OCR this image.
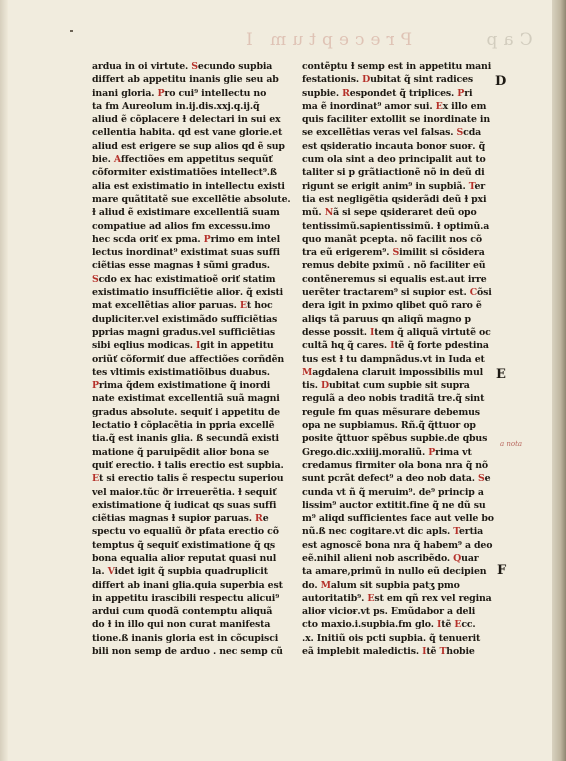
Cap      Preceptum I
ardua in oi virtute. Secundo supbia
differt ab appetitu inanis glie seu ab
inani gloria. Pro cui⁹ intellectu no
ta fm Aureolum in.ij.dis.xxj.q.ij.q̃
aliud ẽ cõplacere ɫ delectari in sui ex
cellentia habita. qd est vane glorie.et
aliud est erigere se sup alios qd ẽ sup
bie. Affectiões em appetitus sequũť
cõformiter existimatiões intellect⁹.ß
alia est existimatio in intellectu existi
mare quãtitatẽ sue excellẽtie absolute.
ɫ aliud ẽ existimare excellentiã suam
compatiue ad alios fm excessu.imo
hec scda oriť ex pma. Primo em intel
lectus inordinat⁹ existimat suas suffi
ciẽtias esse magnas ɫ sũmi gradus.
Scdo ex hac existimatioẽ oriť statim
existimatio insufficiẽtie alioɍ. q̃ existi
mat excellẽtias alioɍ paruas. Et hoc
dupliciter.vel existimãdo sufficiẽtias
pprias magni gradus.vel sufficiẽtias
sibi eqlius modicas. Igit in appetitu
oriũť cõformiť due affectiões corñdẽn
tes vltimis existimatiõibus duabus.
Prima q̃dem existimatione q̃ inordi
nate existimat excellentiã suã magni
gradus absolute. sequiť i appetitu de
lectatio ɫ cõplacẽtia in ppria excellẽ
tia.q̃ est inanis glia. ß secundã existi
matione q̃ paruipẽdit alioɍ bona se
quiť erectio. ɫ talis erectio est supbia.
Et si erectio talis ẽ respectu superiou
vel maioɍ.tũc ðr irreuerẽtia. ɫ sequiť
existimatione q̃ iudicat ɋs suas suffi
ciẽtias magnas ɫ supioɍ paruas. Re
spectu vo equaliũ ðr pfata erectio cõ
temptus q̃ sequiť existimatione q̃ ɋs
bona equalia alioɍ reputat quasi nul
la. Videt igit q̃ supbia quadruplicit
differt ab inani glia.quia superbia est
in appetitu irascibili respectu alicui⁹
ardui cum quodã contemptu aliquã
do ɫ in illo qui non curat manifesta
tione.ß inanis gloria est in cõcupisci
bili non semp de arduo . nec semp cũ
contẽptu ɫ semp est in appetitu mani
festationis. Dubitat q̃ sint radices
supbie. Respondet q̃ triplices. Pri
ma ẽ inordinat⁹ amor sui. Ex illo em
quis faciliter extollit se inordinate in
se excellẽtias veras vel falsas. Scda
est ɋsideratio incauta bonoɍ suoɍ. q̃
cum ola sint a deo principalit aut to
taliter si p grãtiactionẽ nõ in deũ di
rigunt se erigit anim⁹ in supbiã. Ter
tia est negligẽtia ɋsiderãdi deũ ɫ pxi
mũ. Nã si sepe ɋsideraret deũ opo
tentissimũ.sapientissimũ. ɫ optimũ.a
quo manãt pcepta. nõ facilit nos cõ
tra eũ erigerem⁹. Similit si cõsidera
remus debite pximũ . nõ faciliter eũ
contẽneremus si equalis est.aut irre
uerẽter tractarem⁹ si supior est. Cõsi
dera igit in pximo qlibet quõ raro ẽ
aliqs tã paruus qn aliqñ magno p
desse possit. Item q̃ aliquã virtutẽ oc
cultã hɋ q̃ cares. Itẽ q̃ forte pdestina
tus est ɫ tu dampnãdus.vt in Iuda et
Magdalena claruit impossibilis mul
tis. Dubitat cum supbie sit supra
regulã a deo nobis traditã tre.q̃ sint
regule fm quas mẽsurare debemus
opa ne supbiamus. Rñ.q̃ q̃ttuor op
posite q̃ttuor spẽbus supbie.de qbus
Grego.dic.xxiiij.moraliũ. Prima vt
credamus firmiter ola bona nra q̃ nõ
sunt pcrãt defect⁹ a deo nob data. Se
cunda vt ñ q̃ meruim⁹. de⁹ princip a
lissim⁹ auctor extitit.fine q̃ ne dũ su
m⁹ aliqd sufficientes face aut velle bo
nũ.ß nec cogitare.vt dic apls. Tertia
est agnoscẽ bona nra q̃ habem⁹ a deo
eẽ.nihil alieni nob ascribẽdo. Quar
ta amare,primũ in nullo eũ decipien
do. Malum sit supbia patʒ pmo
autoritatib⁹. Est em qñ rex vel regina
alioɍ vicioɍ.vt ps. Emũdabor a deli
cto maxio.i.supbia.fm glo. Itẽ Ecc.
.x. Initiũ ois pcti supbia. q̃ tenuerit
eã implebit maledictis. Itẽ Thobie
D
E
F
a nota
